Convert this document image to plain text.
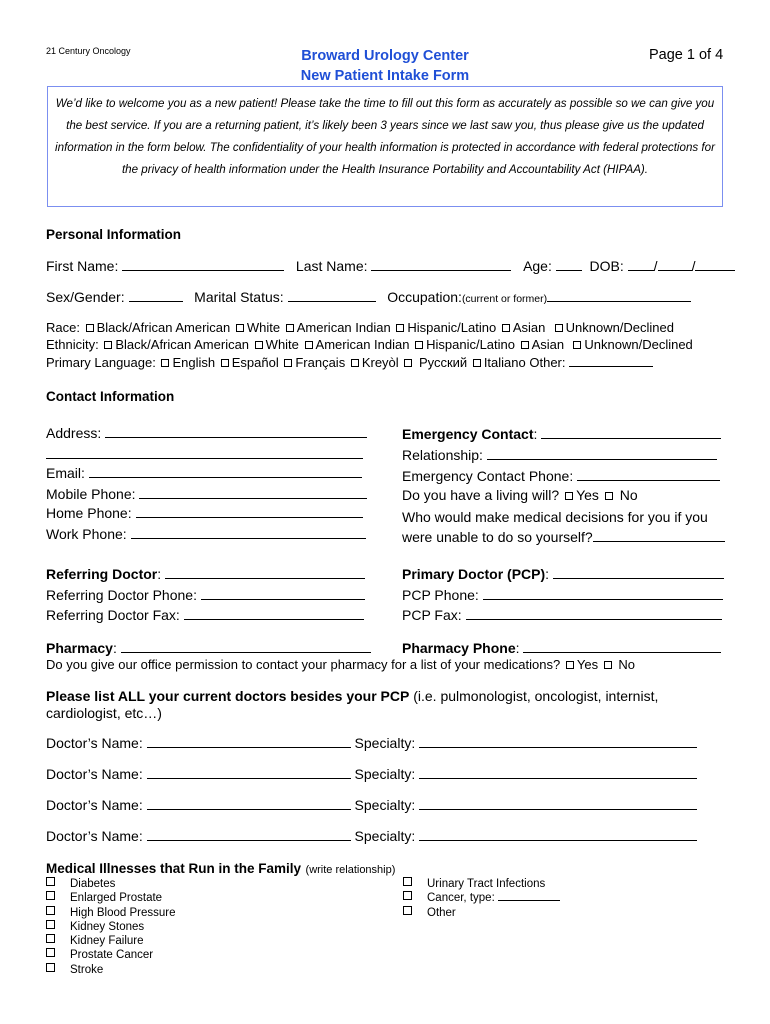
21 Century Oncology	Broward Urology Center
New Patient Intake Form
Page 1 of 4
We’d like to welcome you as a new patient! Please take the time to fill out this form as accurately as possible so we can give you the best service. If you are a returning patient, it’s likely been 3 years since we last saw you, thus please give us the updated information in the form below. The confidentiality of your health information is protected in accordance with federal protections for the privacy of health information under the Health Insurance Portability and Accountability Act (HIPAA).
Personal Information
First Name:	Last Name:	Age:	DOB: / /
Sex/Gender:	Marital Status:	Occupation:(current or former)
Race: Black/African American White American Indian Hispanic/Latino Asian Unknown/Declined
Ethnicity: Black/African American White American Indian Hispanic/Latino Asian Unknown/Declined
Primary Language: English Español Français Kreyòl Русский Italiano Other:
Contact Information
Address:
Email:
Mobile Phone:
Home Phone:
Work Phone:
Emergency Contact:
Relationship:
Emergency Contact Phone:
Do you have a living will? Yes No
Who would make medical decisions for you if you
were unable to do so yourself?
Referring Doctor:
Referring Doctor Phone:
Referring Doctor Fax:
Primary Doctor (PCP):
PCP Phone:
PCP Fax:
Pharmacy:	Pharmacy Phone:
Do you give our office permission to contact your pharmacy for a list of your medications? Yes No
Please list ALL your current doctors besides your PCP (i.e. pulmonologist, oncologist, internist,
cardiologist, etc…)
Doctor’s Name:	Specialty:
Doctor’s Name:	Specialty:
Doctor’s Name:	Specialty:
Doctor’s Name:	Specialty:
Medical Illnesses that Run in the Family (write relationship)
Diabetes
Enlarged Prostate
High Blood Pressure
Kidney Stones
Kidney Failure
Prostate Cancer
Stroke
Urinary Tract Infections
Cancer, type:
Other
